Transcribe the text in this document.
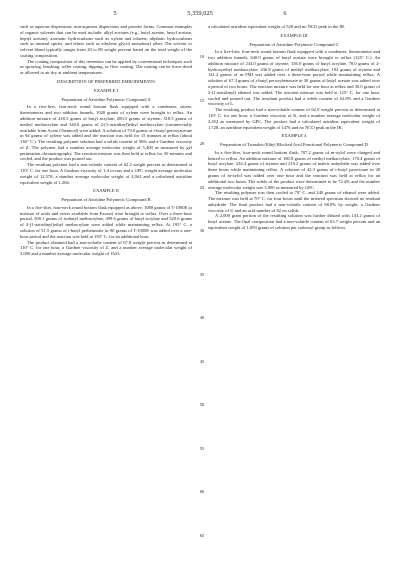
5	5,359,025	6

such as aqueous dispersions, non-aqueous dispersions and powder forms. Common examples of organic solvents that can be used include: alkyl acetates (e.g., butyl acetate, hexyl acetate, heptyl acetate), aromatic hydrocarbons such as xylene and toluene, aliphatic hydrocarbons such as mineral spirits, and ethers such as ethylene glycol monobutyl ether. The solvent or solvent blend typically ranges from 20 to 80 weight percent based on the total weight of the coating composition.

The coating composition of this invention can be applied by conventional techniques such as spraying, brushing, roller coating, dipping, or flow coating. The coating can be force-dried or allowed to air dry at ambient temperatures.

DESCRIPTION OF PREFERRED EMBODIMENTS

EXAMPLE I

Preparation of Aziridine Polymeric Compound A

In a five-liter, four-neck round bottom flask equipped with a condenser, stirrer, thermometer and two addition funnels, 1020 grams of xylene were brought to reflux. An addition mixture of 418.5 grams of butyl acrylate, 280.5 grams of styrene, 318.5 grams of methyl methacrylate and 340.0 grams of 2-(1-aziridinyl)ethyl methacrylate (commercially available from Aceto Chemical) were added. A solution of 70.0 grams of t-butyl peroxyacetate in 94 grams of xylene was added and the reaction was held for 15 minutes at reflux (about 136° C.). The resulting polymer solution had a solids content of 56% and a Gardner viscosity of Z. The polymer had a number average molecular weight of 5,400 as measured by gel permeation chromatography. The reaction mixture was then held at reflux for 30 minutes and cooled, and the product was poured out.

The resultant polymer had a non-volatile content of 62.2 weight percent as determined at 110° C. for one hour. A Gardner viscosity of 1-4 occurs and a GPC weight average molecular weight of 12,578, a number average molecular weight of 4,062 and a calculated aziridine equivalent weight of 1,266.

EXAMPLE II

Preparation of Aziridine Polymeric Compound B

In a five-liter, four-neck round bottom flask equipped as above, 1080 grams of T-1000E (a mixture of acids and esters available from Exxon) were brought to reflux. Over a three-hour period, 500.1 grams of isobutyl methacrylate, 499.6 grams of butyl acrylate and 520.6 grams of 2-(1-aziridinyl)ethyl methacrylate were added while maintaining reflux. At 195° C. a solution of 51.5 grams of t-butyl perbenzoate in 90 grams of T-1000E was added over a one-hour period and the reaction was held at 150° C. for an additional hour.

The product obtained had a non-volatile content of 67.8 weight percent as determined at 110° C. for one hour, a Gardner viscosity of Z, and a number average molecular weight of 5,000 and a number average molecular weight of 1623.

a calculated aziridine equivalent weight of 528 and no NCO peak in the IR.

EXAMPLE III

Preparation of Aziridine Polymeric Compound C

In a five-liter, four-neck round bottom flask equipped with a condenser, thermometer and two addition funnels, 640.0 grams of butyl acetate were brought to reflux (125° C.). An addition mixture of 234.0 grams of styrene, 156.0 grams of butyl acrylate, 78.0 grams of 2-hydroxyethyl methacrylate, 436.8 grams of methyl methacrylate, 192 grams of styrene and 141.2 grams of m-TMI was added over a three-hour period while maintaining reflux. A solution of 67.3 grams of t-butyl peroxybenzoate in 30 grams of butyl acetate was added over a period of two hours. The reaction mixture was held for one hour at reflux and 30.0 grams of 2-(1-aziridinyl) ethanol was added. The reaction mixture was held at 125° C. for one hour, cooled and poured out. The resultant product had a solids content of 62.8% and a Gardner viscosity of L.

The resulting product had a non-volatile content of 62.0 weight percent as determined at 110° C. for one hour, a Gardner viscosity of K, and a number average molecular weight of 2,452 as measured by GPC. The product had a calculated aziridine equivalent weight of 1,728, an aziridine equivalent weight of 1476 and no NCO peak in the IR.

EXAMPLE 4

Preparation of Trimaleic/Ethyl Blocked Acid Functional Polymeric Compound D

In a five-liter, four-neck round bottom flask, 707.2 grams of m-xylol were charged and heated to reflux. An addition mixture of 180.8 grams of methyl methacrylate, 170.4 grams of butyl acrylate, 234.4 grams of styrene and 219.2 grams of maleic anhydride was added over three hours while maintaining reflux. A solution of 42.3 grams of t-butyl peroctoate in 28 grams of m-xylol was added over one hour and the reaction was held at reflux for an additional two hours. The solids of the product were determined to be 72.4% and the number average molecular weight was 3,900 as measured by GPC.

The resulting polymer was then cooled to 70° C. and 240 grams of ethanol were added. The mixture was held at 70° C. for four hours until the infrared spectrum showed no residual anhydride. The final product had a non-volatile content of 68.0% by weight, a Gardner viscosity of U and an acid number of 82 on solids.

A 2,000 gram portion of the resulting solution was further diluted with 143.2 grams of butyl acetate. The final composition had a non-volatile content of 63.7 weight percent and an equivalent weight of 1,093 grams of solution per carboxyl group as follows.

10
15
20
25
30
35
40
45
50
55
60
65
